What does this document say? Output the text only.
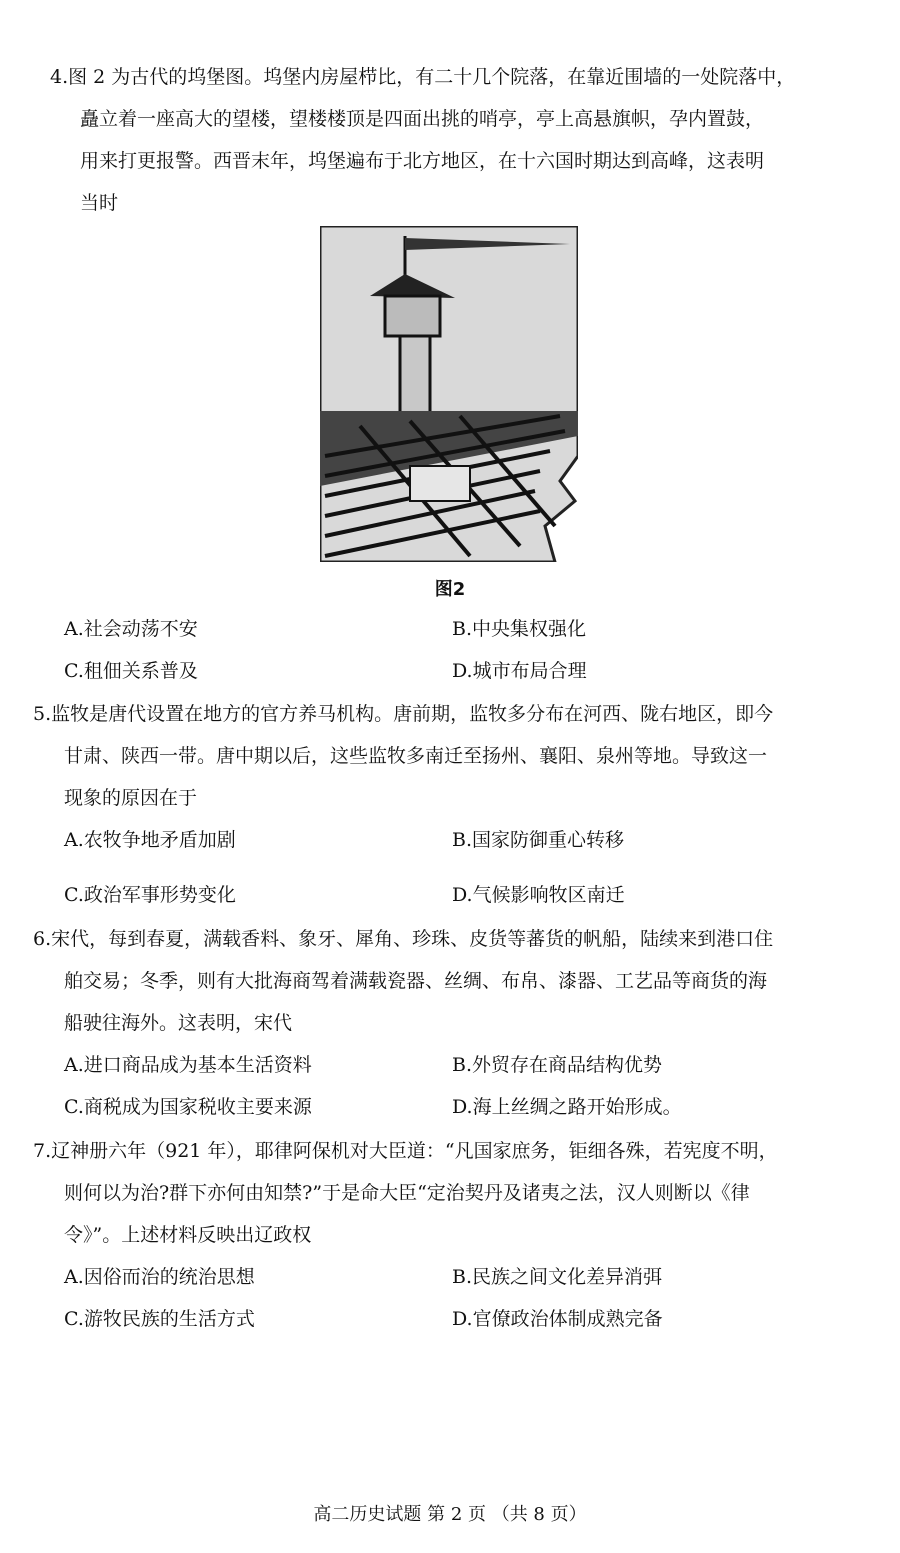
4.图 2 为古代的坞堡图。坞堡内房屋栉比，有二十几个院落，在靠近围墙的一处院落中，
矗立着一座高大的望楼，望楼楼顶是四面出挑的哨亭，亭上高悬旗帜，孕内置鼓，
用来打更报警。西晋末年，坞堡遍布于北方地区，在十六国时期达到高峰，这表明
当时
图2
A.社会动荡不安	B.中央集权强化
C.租佃关系普及	D.城市布局合理
5.监牧是唐代设置在地方的官方养马机构。唐前期，监牧多分布在河西、陇右地区，即今
甘肃、陕西一带。唐中期以后，这些监牧多南迁至扬州、襄阳、泉州等地。导致这一
现象的原因在于
A.农牧争地矛盾加剧	B.国家防御重心转移
C.政治军事形势变化	D.气候影响牧区南迁
6.宋代，每到春夏，满载香料、象牙、犀角、珍珠、皮货等蕃货的帆船，陆续来到港口住
舶交易；冬季，则有大批海商驾着满载瓷器、丝绸、布帛、漆器、工艺品等商货的海
船驶往海外。这表明，宋代
A.进口商品成为基本生活资料	B.外贸存在商品结构优势
C.商税成为国家税收主要来源	D.海上丝绸之路开始形成。
7.辽神册六年（921 年），耶律阿保机对大臣道：“凡国家庶务，钜细各殊，若宪度不明，
则何以为治?群下亦何由知禁?”于是命大臣“定治契丹及诸夷之法，汉人则断以《律
令》”。上述材料反映出辽政权
A.因俗而治的统治思想	B.民族之间文化差异消弭
C.游牧民族的生活方式	D.官僚政治体制成熟完备
高二历史试题 第 2 页 （共 8 页）
